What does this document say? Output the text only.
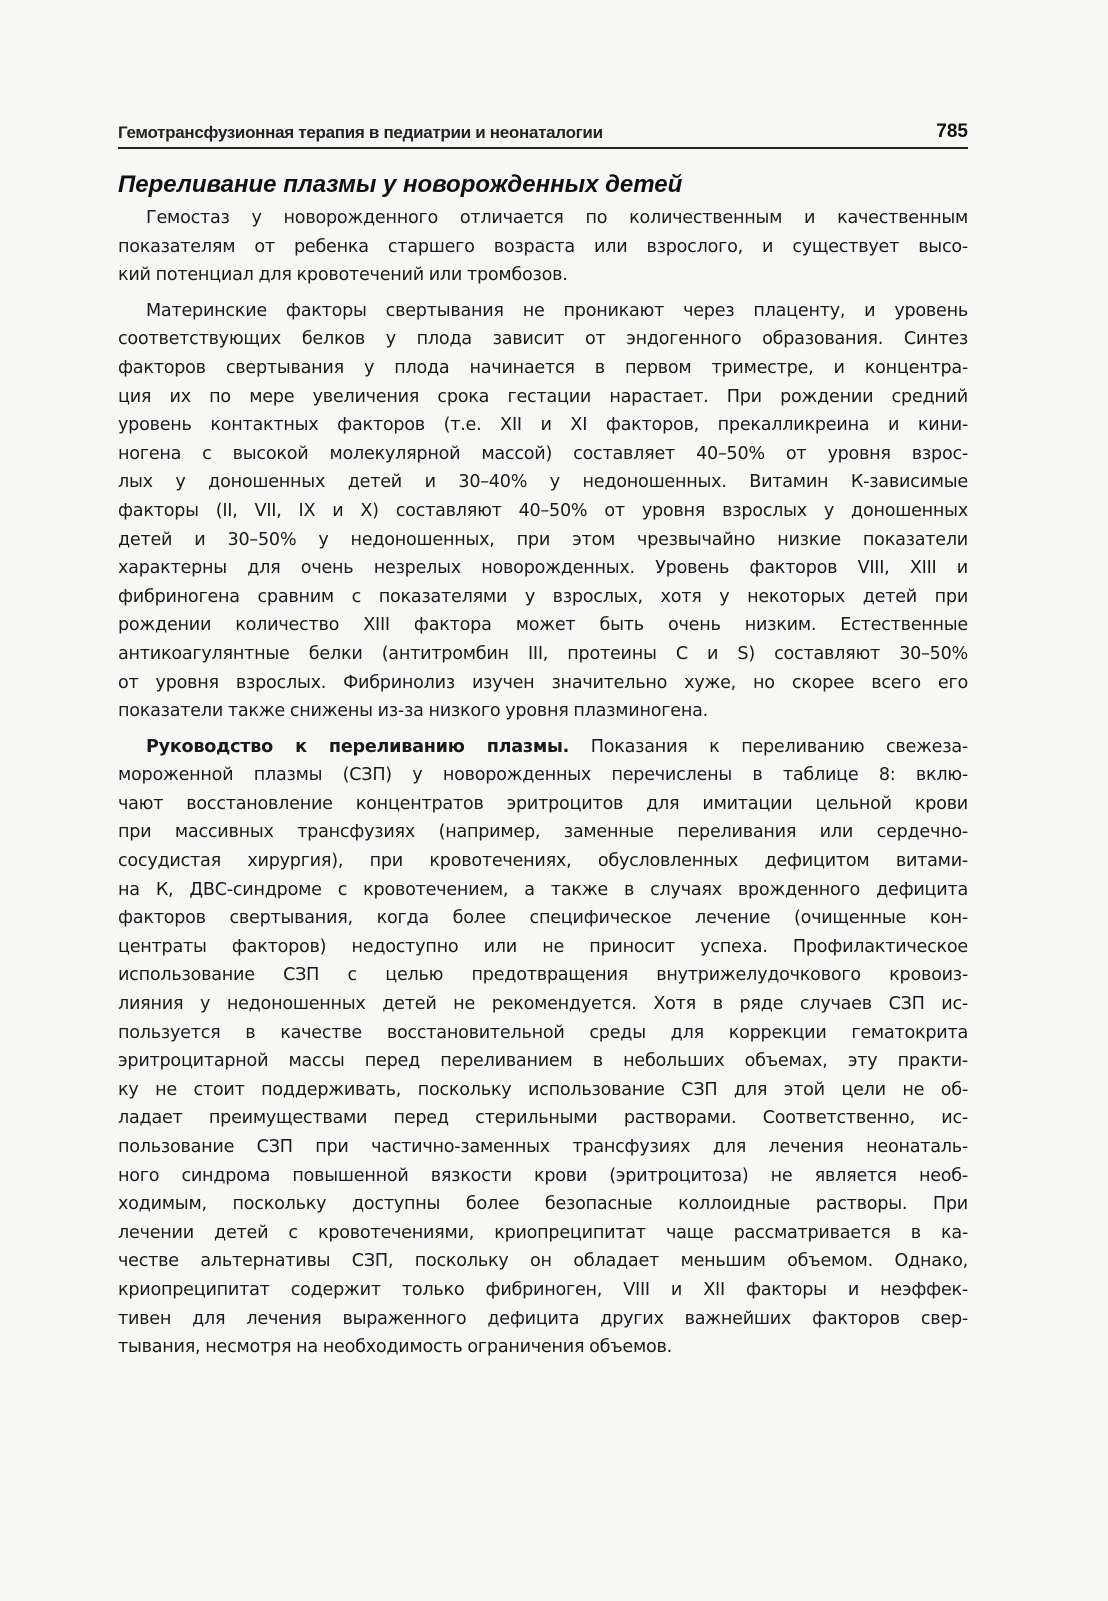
Гемотрансфузионная терапия в педиатрии и неонаталогии	785
Переливание плазмы у новорожденных детей
Гемостаз у новорожденного отличается по количественным и качественным
показателям от ребенка старшего возраста или взрослого, и существует высо-
кий потенциал для кровотечений или тромбозов.
Материнские факторы свертывания не проникают через плаценту, и уровень
соответствующих белков у плода зависит от эндогенного образования. Синтез
факторов свертывания у плода начинается в первом триместре, и концентра-
ция их по мере увеличения срока гестации нарастает. При рождении средний
уровень контактных факторов (т.е. XII и XI факторов, прекалликреина и кини-
ногена с высокой молекулярной массой) составляет 40–50% от уровня взрос-
лых у доношенных детей и 30–40% у недоношенных. Витамин К-зависимые
факторы (II, VII, IX и X) составляют 40–50% от уровня взрослых у доношенных
детей и 30–50% у недоношенных, при этом чрезвычайно низкие показатели
характерны для очень незрелых новорожденных. Уровень факторов VIII, XIII и
фибриногена сравним с показателями у взрослых, хотя у некоторых детей при
рождении количество XIII фактора может быть очень низким. Естественные
антикоагулянтные белки (антитромбин III, протеины С и S) составляют 30–50%
от уровня взрослых. Фибринолиз изучен значительно хуже, но скорее всего его
показатели также снижены из-за низкого уровня плазминогена.
Руководство к переливанию плазмы. Показания к переливанию свежеза-
мороженной плазмы (СЗП) у новорожденных перечислены в таблице 8: вклю-
чают восстановление концентратов эритроцитов для имитации цельной крови
при массивных трансфузиях (например, заменные переливания или сердечно-
сосудистая хирургия), при кровотечениях, обусловленных дефицитом витами-
на К, ДВС-синдроме с кровотечением, а также в случаях врожденного дефицита
факторов свертывания, когда более специфическое лечение (очищенные кон-
центраты факторов) недоступно или не приносит успеха. Профилактическое
использование СЗП с целью предотвращения внутрижелудочкового кровоиз-
лияния у недоношенных детей не рекомендуется. Хотя в ряде случаев СЗП ис-
пользуется в качестве восстановительной среды для коррекции гематокрита
эритроцитарной массы перед переливанием в небольших объемах, эту практи-
ку не стоит поддерживать, поскольку использование СЗП для этой цели не об-
ладает преимуществами перед стерильными растворами. Соответственно, ис-
пользование СЗП при частично-заменных трансфузиях для лечения неонаталь-
ного синдрома повышенной вязкости крови (эритроцитоза) не является необ-
ходимым, поскольку доступны более безопасные коллоидные растворы. При
лечении детей с кровотечениями, криопреципитат чаще рассматривается в ка-
честве альтернативы СЗП, поскольку он обладает меньшим объемом. Однако,
криопреципитат содержит только фибриноген, VIII и XII факторы и неэффек-
тивен для лечения выраженного дефицита других важнейших факторов свер-
тывания, несмотря на необходимость ограничения объемов.
